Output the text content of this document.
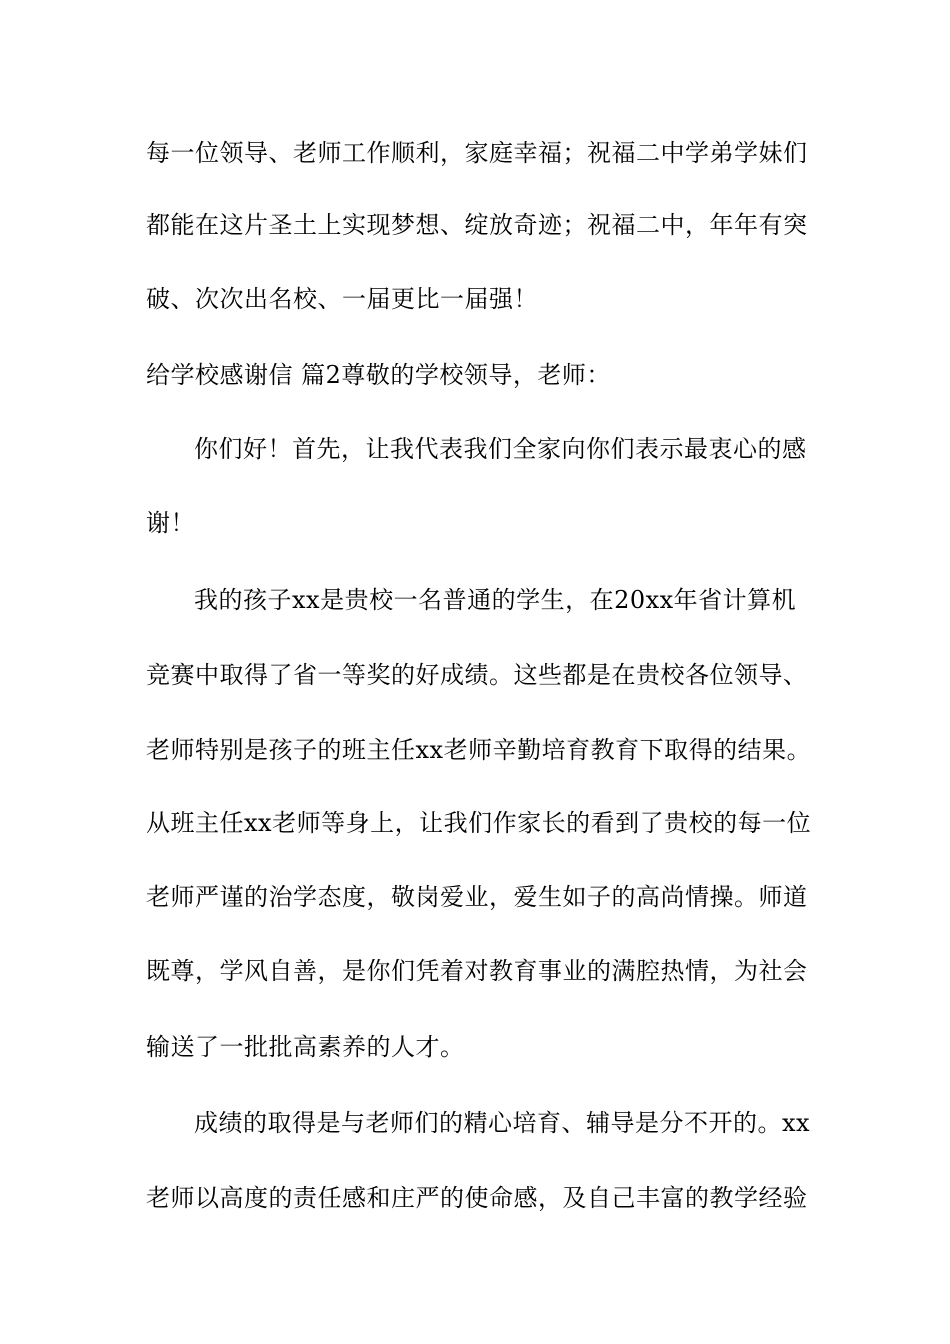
每一位领导、老师工作顺利，家庭幸福；祝福二中学弟学妹们
都能在这片圣土上实现梦想、绽放奇迹；祝福二中，年年有突
破、次次出名校、一届更比一届强！
给学校感谢信 篇2尊敬的学校领导，老师：
你们好！首先，让我代表我们全家向你们表示最衷心的感
谢！
我的孩子xx是贵校一名普通的学生，在20xx年省计算机
竞赛中取得了省一等奖的好成绩。这些都是在贵校各位领导、
老师特别是孩子的班主任xx老师辛勤培育教育下取得的结果。
从班主任xx老师等身上，让我们作家长的看到了贵校的每一位
老师严谨的治学态度，敬岗爱业，爱生如子的高尚情操。师道
既尊，学风自善，是你们凭着对教育事业的满腔热情，为社会
输送了一批批高素养的人才。
成绩的取得是与老师们的精心培育、辅导是分不开的。xx
老师以高度的责任感和庄严的使命感，及自己丰富的教学经验
